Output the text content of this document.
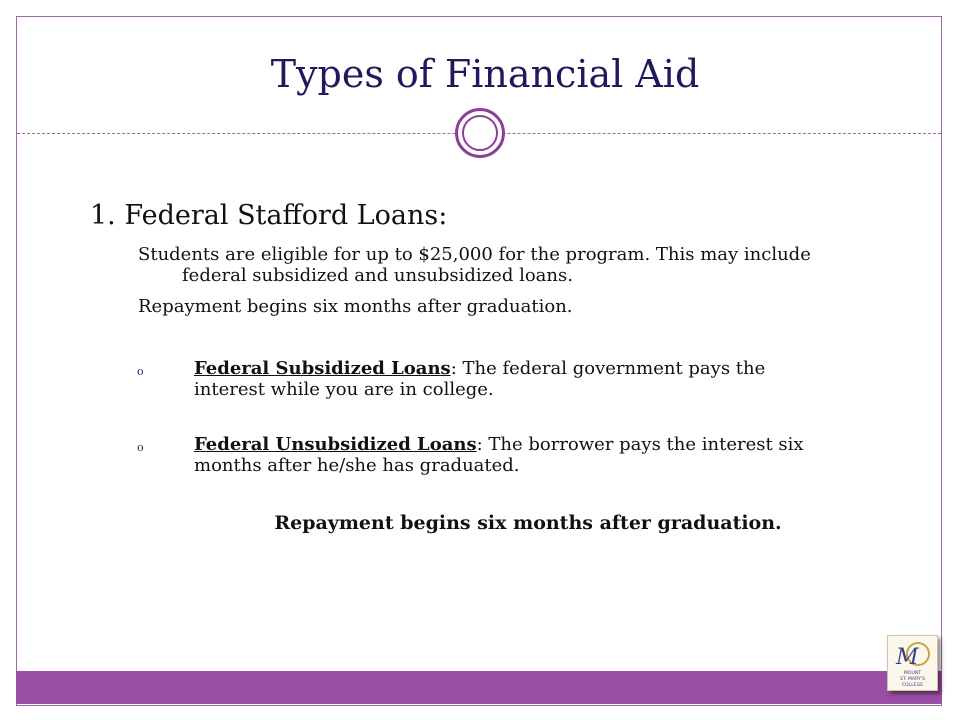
Types of Financial Aid
1. Federal Stafford Loans:
Students are eligible for up to $25,000 for the program. This may include
federal subsidized and unsubsidized loans.
Repayment begins six months after graduation.
o	Federal Subsidized Loans: The federal government pays the
interest while you are in college.
o	Federal Unsubsidized Loans: The borrower pays the interest six
months after he/she has graduated.
Repayment begins six months after graduation.
M
MOUNT
ST. MARY'S
COLLEGE
